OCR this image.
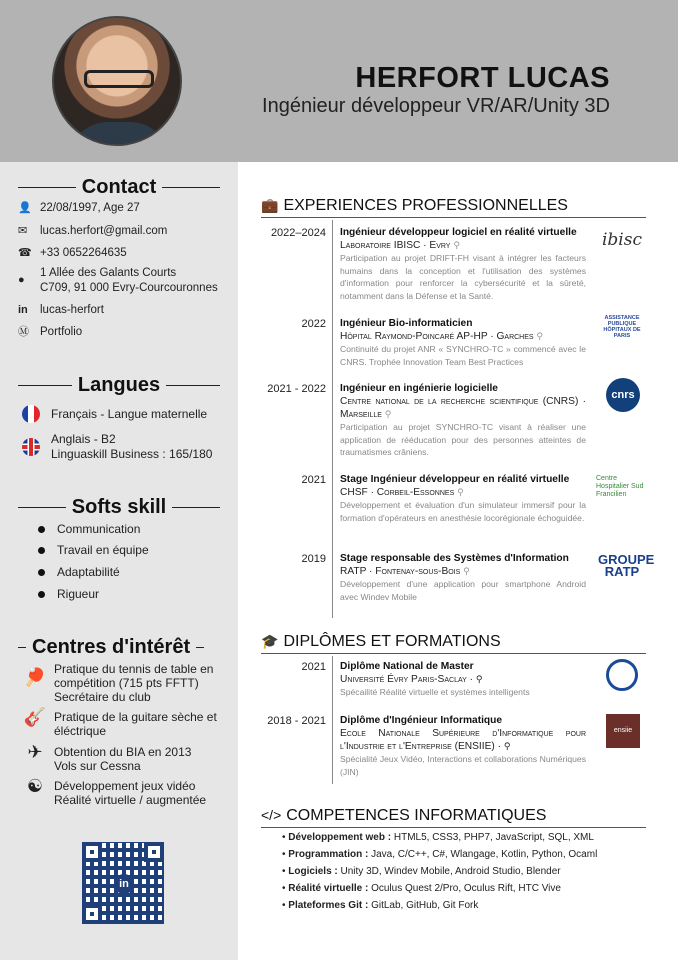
HERFORT LUCAS
Ingénieur développeur VR/AR/Unity 3D
Contact
👤 22/08/1997, Age 27
✉	lucas.herfort@gmail.com
☎ +33 0652264635
●
1 Allée des Galants Courts
C709, 91 000 Evry-Courcouronnes
in	lucas-herfort
Ⓜ Portfolio
Langues
Français - Langue maternelle
Anglais - B2
Linguaskill Business : 165/180
Softs skill
Communication
Travail en équipe
Adaptabilité
Rigueur
Centres d'intérêt
🏓 Pratique du tennis de table en
compétition (715 pts FFTT)
Secrétaire du club
🎸 Pratique de la guitare sèche et
éléctrique
✈ Obtention du BIA en 2013
Vols sur Cessna
☯ Développement jeux vidéo
Réalité virtuelle / augmentée
in
💼 EXPERIENCES PROFESSIONNELLES
2022–2024 Ingénieur développeur logiciel en réalité virtuelle
Laboratoire IBISC · Evry ⚲
Participation au projet DRIFT-FH visant à intégrer les facteurs humains dans la conception et l'utilisation des systèmes d'information pour renforcer la cybersécurité et la sûreté, notamment dans la Défense et la Santé.
ibisc
2022 Ingénieur Bio-informaticien
Hôpital Raymond-Poincaré AP-HP · Garches ⚲
Continuité du projet ANR « SYNCHRO-TC » commencé avec le CNRS. Trophée Innovation Team Best Practices
ASSISTANCE PUBLIQUE HÔPITAUX DE PARIS
2021 - 2022 Ingénieur en ingénierie logicielle
Centre national de la recherche scientifique (CNRS) · Marseille ⚲
Participation au projet SYNCHRO-TC visant à réaliser une application de rééducation pour des personnes atteintes de traumatismes crâniens.
cnrs
2021 Stage Ingénieur développeur en réalité virtuelle
CHSF · Corbeil-Essonnes ⚲
Développement et évaluation d'un simulateur immersif pour la formation d'opérateurs en anesthésie locorégionale échoguidée.
Centre Hospitalier Sud Francilien
2019 Stage responsable des Systèmes d'Information
RATP · Fontenay-sous-Bois ⚲
Développement d'une application pour smartphone Android avec Windev Mobile
GROUPE RATP
🎓 DIPLÔMES ET FORMATIONS
2021 Diplôme National de Master
Université Évry Paris-Saclay · ⚲
Spécailité Réalité virtuelle et systèmes intelligents
2018 - 2021 Diplôme d'Ingénieur Informatique
Ecole Nationale Supérieure d'Informatique pour l'Industrie et l'Entreprise (ENSIIE) · ⚲
Spécialité Jeux Vidéo, Interactions et collaborations Numériques (JIN)
ensiie
</> COMPETENCES INFORMATIQUES
• Développement web : HTML5, CSS3, PHP7, JavaScript, SQL, XML
• Programmation : Java, C/C++, C#, Wlangage, Kotlin, Python, Ocaml
• Logiciels : Unity 3D, Windev Mobile, Android Studio, Blender
• Réalité virtuelle : Oculus Quest 2/Pro, Oculus Rift, HTC Vive
• Plateformes Git : GitLab, GitHub, Git Fork
